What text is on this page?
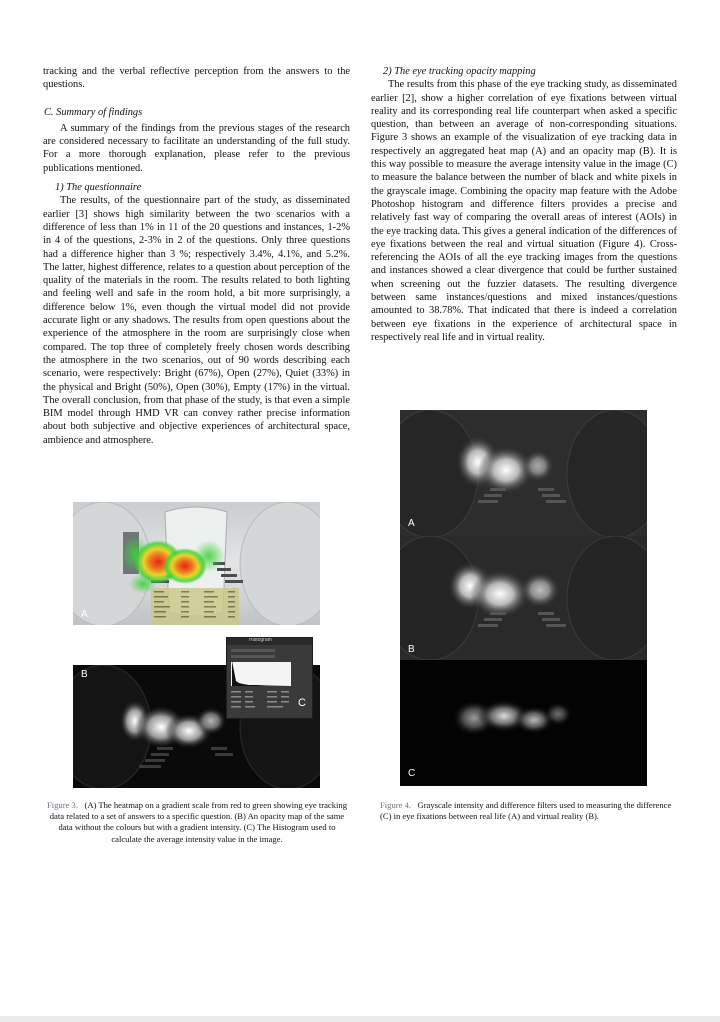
tracking and the verbal reflective perception from the answers to the questions.

C. Summary of findings

A summary of the findings from the previous stages of the research are considered necessary to facilitate an understanding of the full study. For a more thorough explanation, please refer to the previous publications mentioned.

1) The questionnaire

The results, of the questionnaire part of the study, as disseminated earlier [3] shows high similarity between the two scenarios with a difference of less than 1% in 11 of the 20 questions and instances, 1-2% in 4 of the questions, 2-3% in 2 of the questions. Only three questions had a difference higher than 3 %; respectively 3.4%, 4.1%, and 5.2%. The latter, highest difference, relates to a question about perception of the quality of the materials in the room. The results related to both lighting and feeling well and safe in the room hold, a bit more surprisingly, a difference below 1%, even though the virtual model did not provide accurate light or any shadows. The results from open questions about the experience of the atmosphere in the room are surprisingly close when compared. The top three of completely freely chosen words describing the atmosphere in the two scenarios, out of 90 words describing each scenario, were respectively: Bright (67%), Open (27%), Quiet (33%) in the physical and Bright (50%), Open (30%), Empty (17%) in the virtual. The overall conclusion, from that phase of the study, is that even a simple BIM model through HMD VR can convey rather precise information about both subjective and objective experiences of architectural space, ambience and atmosphere.

2) The eye tracking opacity mapping

The results from this phase of the eye tracking study, as disseminated earlier [2], show a higher correlation of eye fixations between virtual reality and its corresponding real life counterpart when asked a specific question, than between an average of non-corresponding situations. Figure 3 shows an example of the visualization of eye tracking data in respectively an aggregated heat map (A) and an opacity map (B). It is this way possible to measure the average intensity value in the image (C) to measure the balance between the number of black and white pixels in the grayscale image. Combining the opacity map feature with the Adobe Photoshop histogram and difference filters provides a precise and relatively fast way of comparing the overall areas of interest (AOIs) in the eye tracking data. This gives a general indication of the differences of eye fixations between the real and virtual situation (Figure 4). Cross-referencing the AOIs of all the eye tracking images from the questions and instances showed a clear divergence that could be further sustained when screening out the fuzzier datasets. The resulting divergence between same instances/questions and mixed instances/questions amounted to 38.78%. That indicated that there is indeed a correlation between eye fixations in the experience of architectural space in respectively real life and in virtual reality.

A
B
Histogram
C
A
B
C
Figure 3. (A) The heatmap on a gradient scale from red to green showing eye tracking data related to a set of answers to a specific question. (B) An opacity map of the same data without the colours but with a gradient intensity. (C) The Histogram used to calculate the average intensity value in the image.
Figure 4. Grayscale intensity and difference filters used to measuring the difference (C) in eye fixations between real life (A) and virtual reality (B).
